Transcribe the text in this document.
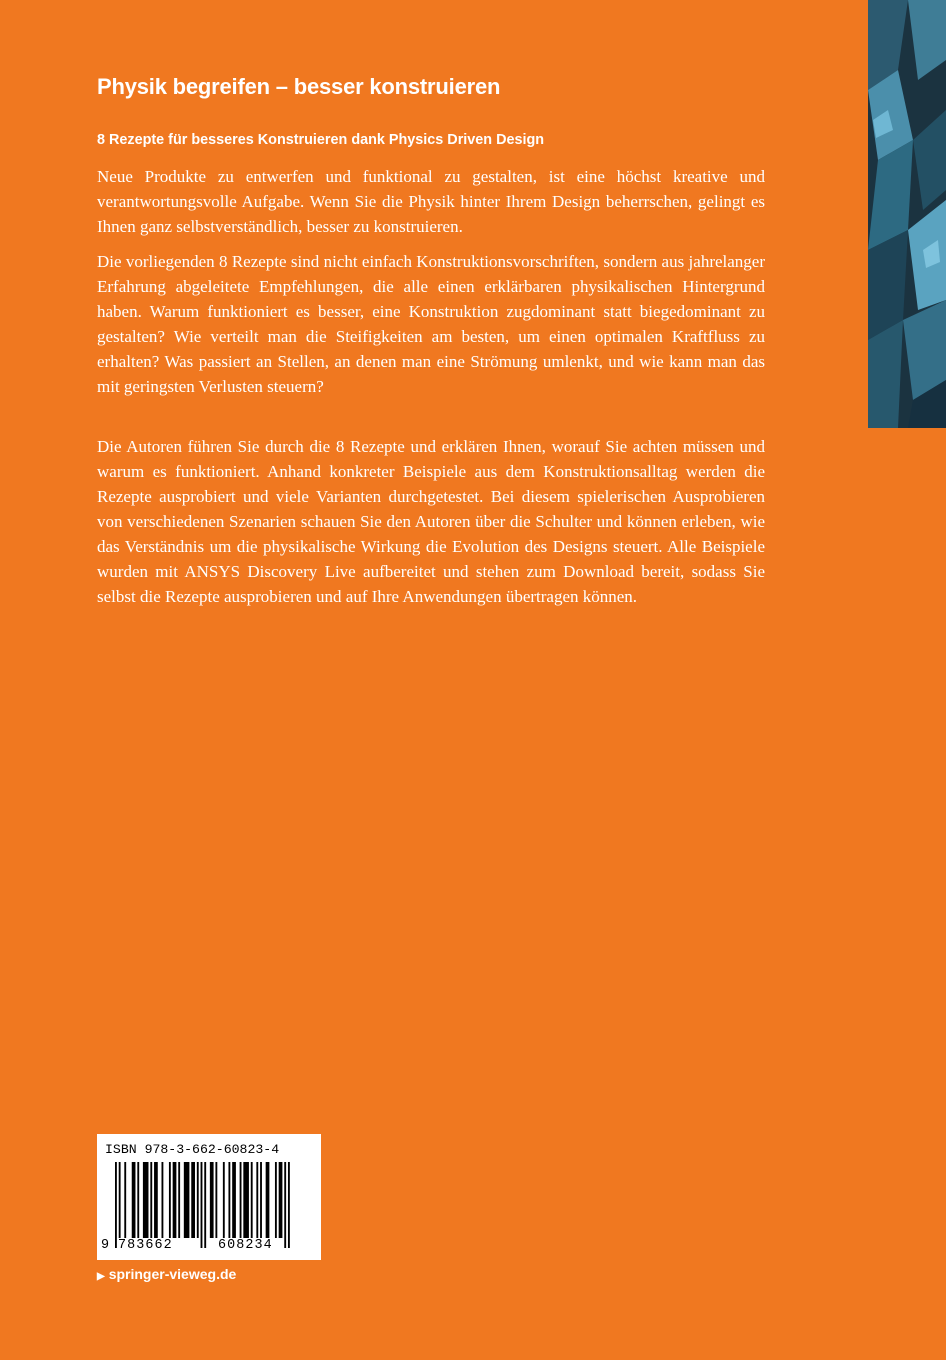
Physik begreifen – besser konstruieren
8 Rezepte für besseres Konstruieren dank Physics Driven Design

Neue Produkte zu entwerfen und funktional zu gestalten, ist eine höchst kreative und verantwortungsvolle Aufgabe. Wenn Sie die Physik hinter Ihrem Design beherrschen, gelingt es Ihnen ganz selbstverständlich, besser zu konstruieren.

Die vorliegenden 8 Rezepte sind nicht einfach Konstruktionsvorschriften, sondern aus jahrelanger Erfahrung abgeleitete Empfehlungen, die alle einen erklärbaren physikalischen Hintergrund haben. Warum funktioniert es besser, eine Konstruktion zugdominant statt biegedominant zu gestalten? Wie verteilt man die Steifigkeiten am besten, um einen optimalen Kraftfluss zu erhalten? Was passiert an Stellen, an denen man eine Strömung umlenkt, und wie kann man das mit geringsten Verlusten steuern?

Die Autoren führen Sie durch die 8 Rezepte und erklären Ihnen, worauf Sie achten müssen und warum es funktioniert. Anhand konkreter Beispiele aus dem Konstruktionsalltag werden die Rezepte ausprobiert und viele Varianten durchgetestet. Bei diesem spielerischen Ausprobieren von verschiedenen Szenarien schauen Sie den Autoren über die Schulter und können erleben, wie das Verständnis um die physikalische Wirkung die Evolution des Designs steuert. Alle Beispiele wurden mit ANSYS Discovery Live aufbereitet und stehen zum Download bereit, sodass Sie selbst die Rezepte ausprobieren und auf Ihre Anwendungen übertragen können.

ISBN 978-3-662-60823-4
9 783662	608234
▶ springer-vieweg.de
